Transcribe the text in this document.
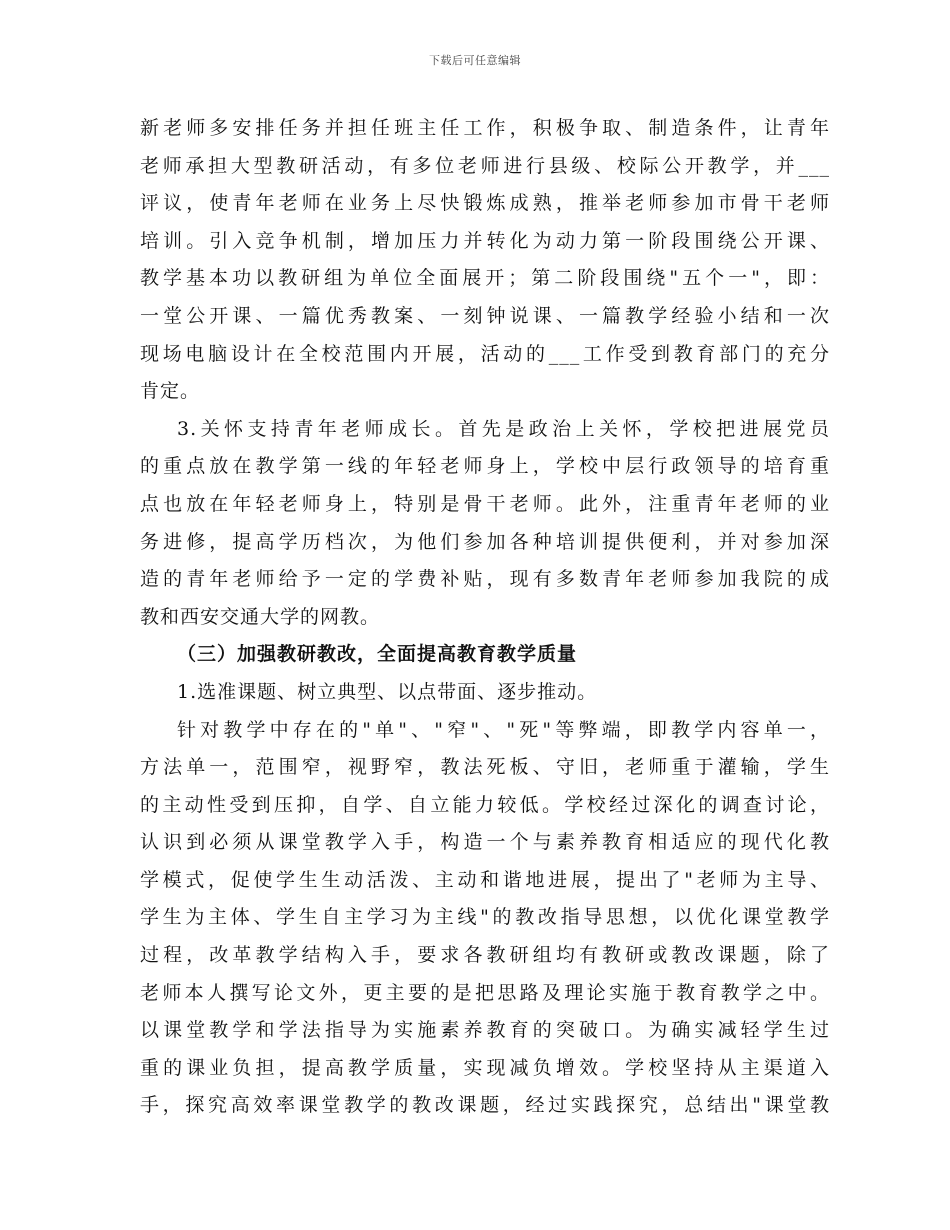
下载后可任意编辑
新老师多安排任务并担任班主任工作，积极争取、制造条件，让青年
老师承担大型教研活动，有多位老师进行县级、校际公开教学，并___
评议，使青年老师在业务上尽快锻炼成熟，推举老师参加市骨干老师
培训。引入竞争机制，增加压力并转化为动力第一阶段围绕公开课、
教学基本功以教研组为单位全面展开；第二阶段围绕"五个一"，即：
一堂公开课、一篇优秀教案、一刻钟说课、一篇教学经验小结和一次
现场电脑设计在全校范围内开展，活动的___工作受到教育部门的充分
肯定。
3.关怀支持青年老师成长。首先是政治上关怀，学校把进展党员
的重点放在教学第一线的年轻老师身上，学校中层行政领导的培育重
点也放在年轻老师身上，特别是骨干老师。此外，注重青年老师的业
务进修，提高学历档次，为他们参加各种培训提供便利，并对参加深
造的青年老师给予一定的学费补贴，现有多数青年老师参加我院的成
教和西安交通大学的网教。
（三）加强教研教改，全面提高教育教学质量
1.选准课题、树立典型、以点带面、逐步推动。
针对教学中存在的"单"、"窄"、"死"等弊端，即教学内容单一，
方法单一，范围窄，视野窄，教法死板、守旧，老师重于灌输，学生
的主动性受到压抑，自学、自立能力较低。学校经过深化的调查讨论，
认识到必须从课堂教学入手，构造一个与素养教育相适应的现代化教
学模式，促使学生生动活泼、主动和谐地进展，提出了"老师为主导、
学生为主体、学生自主学习为主线"的教改指导思想，以优化课堂教学
过程，改革教学结构入手，要求各教研组均有教研或教改课题，除了
老师本人撰写论文外，更主要的是把思路及理论实施于教育教学之中。
以课堂教学和学法指导为实施素养教育的突破口。为确实减轻学生过
重的课业负担，提高教学质量，实现减负增效。学校坚持从主渠道入
手，探究高效率课堂教学的教改课题，经过实践探究，总结出"课堂教
